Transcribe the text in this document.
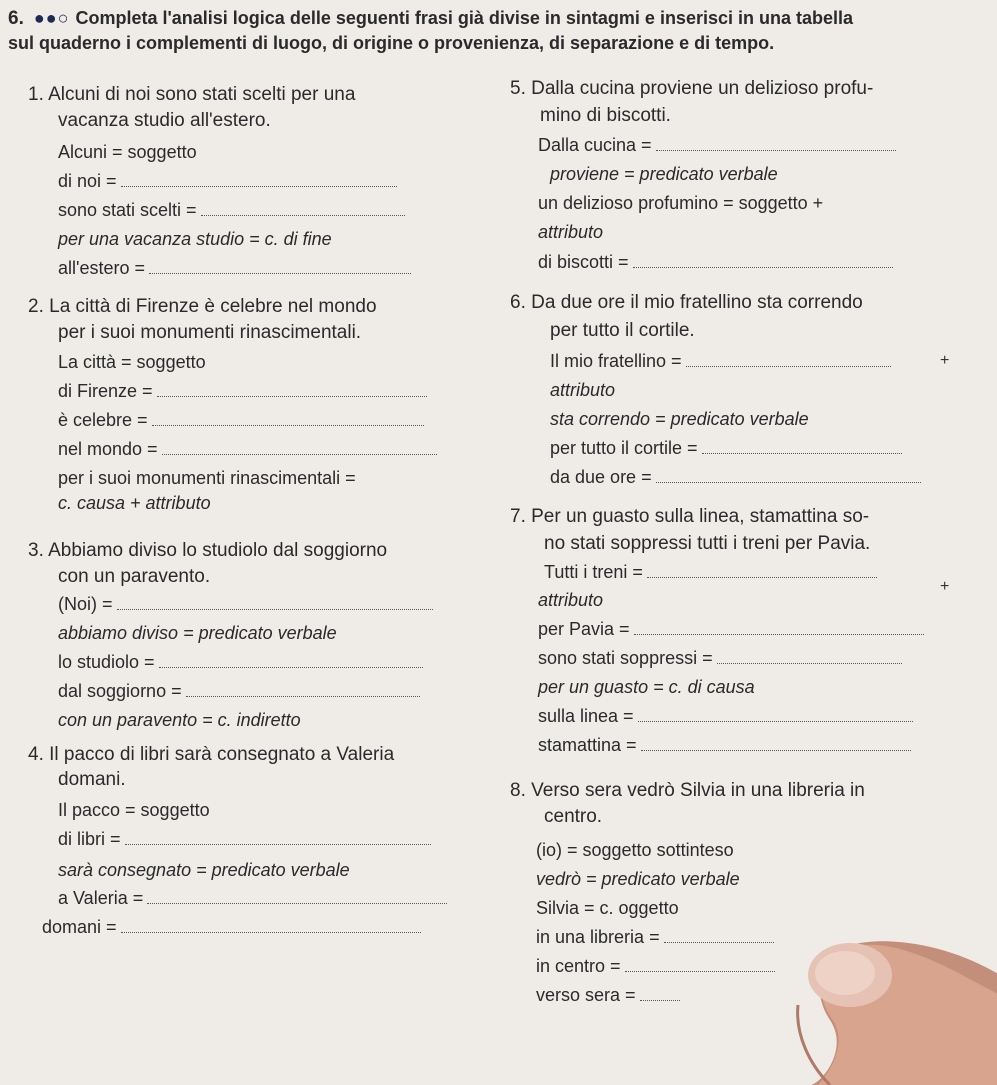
6. ●●○ Completa l'analisi logica delle seguenti frasi già divise in sintagmi e inserisci in una tabella
sul quaderno i complementi di luogo, di origine o provenienza, di separazione e di tempo.
1. Alcuni di noi sono stati scelti per una
vacanza studio all'estero.
Alcuni = soggetto
di noi =
sono stati scelti =
per una vacanza studio = c. di fine
all'estero =
2. La città di Firenze è celebre nel mondo
per i suoi monumenti rinascimentali.
La città = soggetto
di Firenze =
è celebre =
nel mondo =
per i suoi monumenti rinascimentali =
c. causa + attributo
3. Abbiamo diviso lo studiolo dal soggiorno
con un paravento.
(Noi) =
abbiamo diviso = predicato verbale
lo studiolo =
dal soggiorno =
con un paravento = c. indiretto
4. Il pacco di libri sarà consegnato a Valeria
domani.
Il pacco = soggetto
di libri =
sarà consegnato = predicato verbale
a Valeria =
domani =
5. Dalla cucina proviene un delizioso profu-
mino di biscotti.
Dalla cucina =
proviene = predicato verbale
un delizioso profumino = soggetto +
attributo
di biscotti =
6. Da due ore il mio fratellino sta correndo
per tutto il cortile.
Il mio fratellino =	+
attributo
sta correndo = predicato verbale
per tutto il cortile =
da due ore =
7. Per un guasto sulla linea, stamattina so-
no stati soppressi tutti i treni per Pavia.
Tutti i treni =
+
attributo
per Pavia =
sono stati soppressi =
per un guasto = c. di causa
sulla linea =
stamattina =
8. Verso sera vedrò Silvia in una libreria in
centro.
(io) = soggetto sottinteso
vedrò = predicato verbale
Silvia = c. oggetto
in una libreria =
in centro =
verso sera =
